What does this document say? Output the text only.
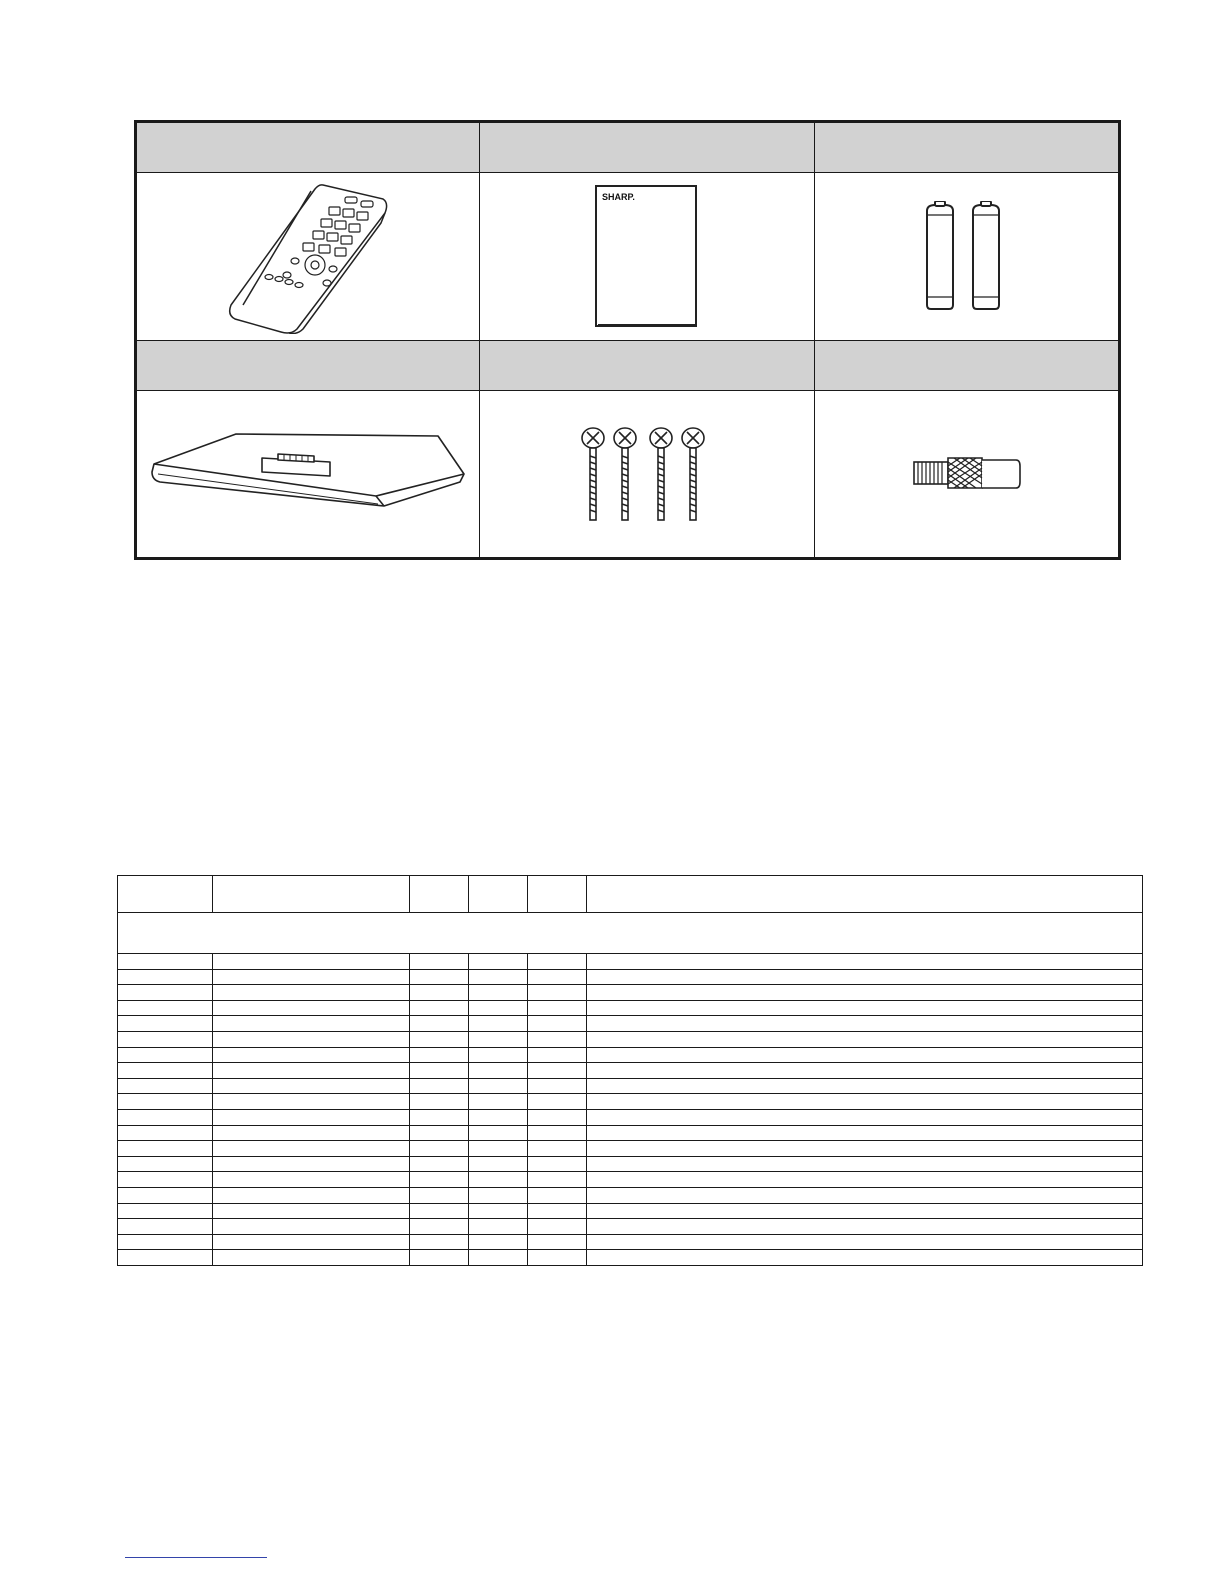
SHARP.
